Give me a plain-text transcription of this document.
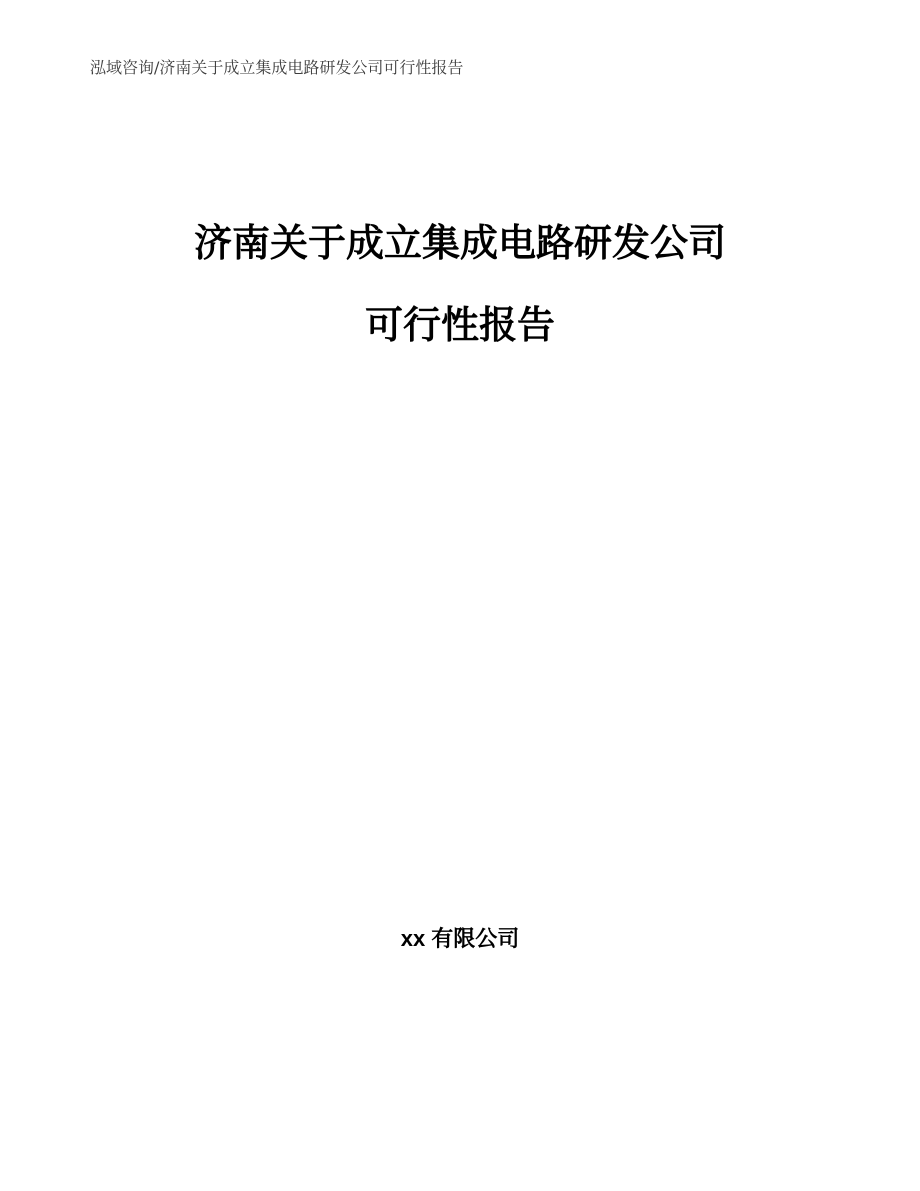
泓域咨询/济南关于成立集成电路研发公司可行性报告
济南关于成立集成电路研发公司
可行性报告
xx 有限公司
